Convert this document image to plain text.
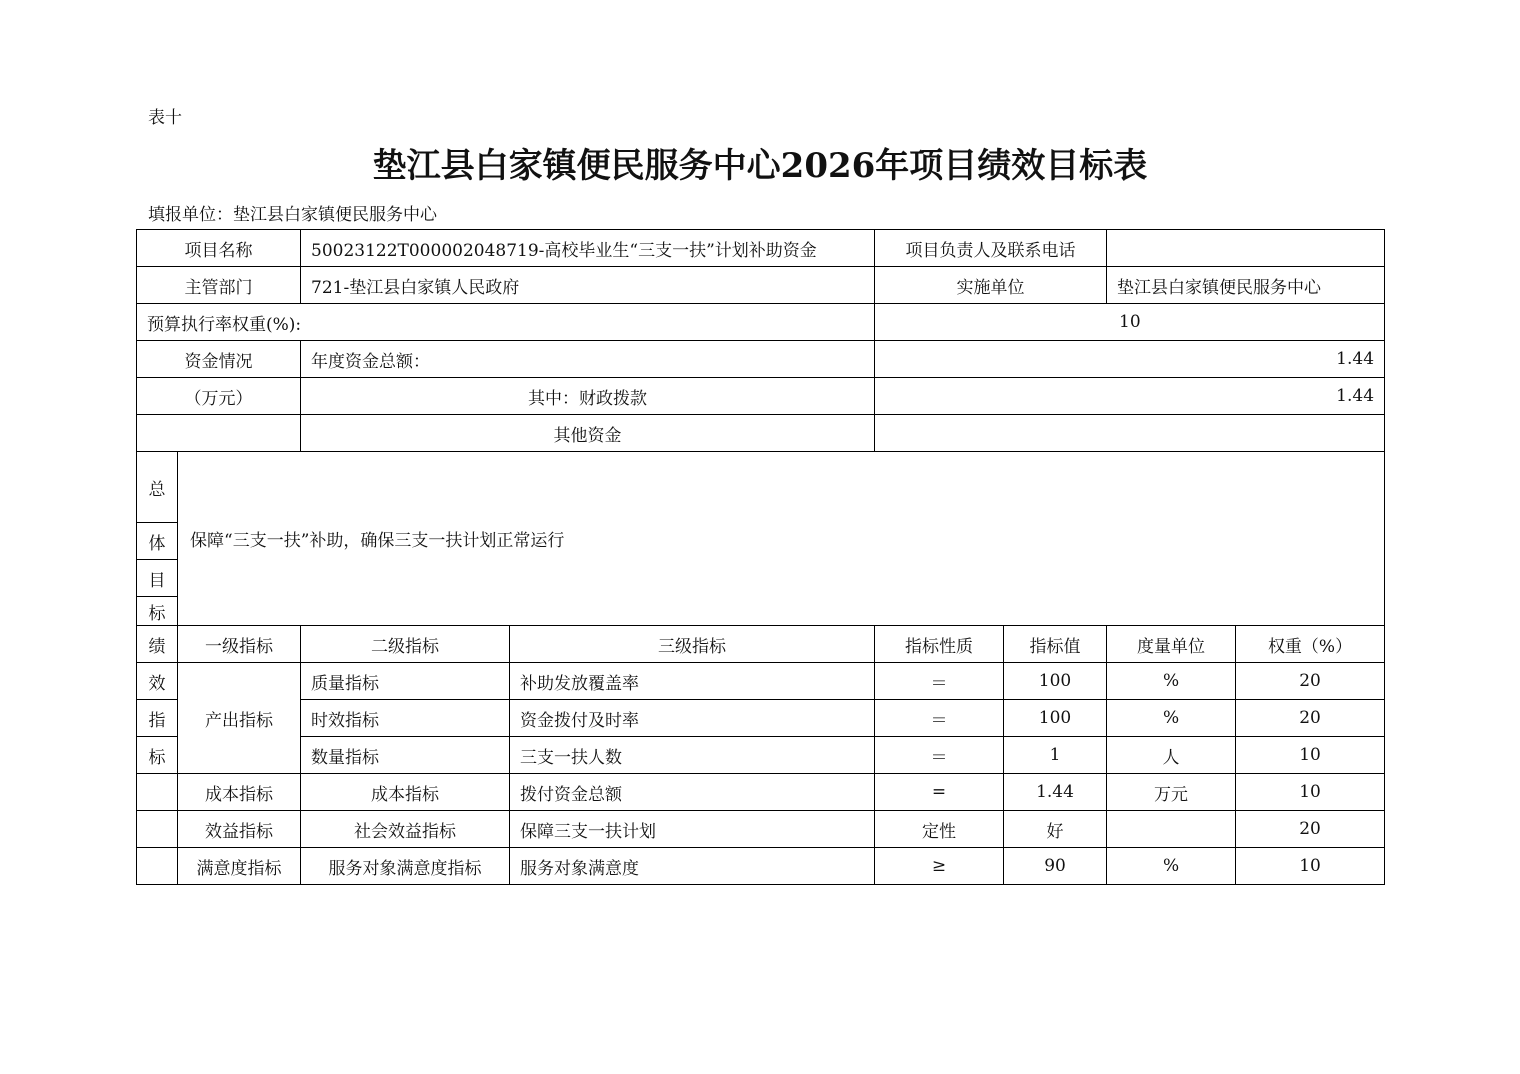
表十
垫江县白家镇便民服务中心2026年项目绩效目标表
填报单位：垫江县白家镇便民服务中心
项目名称		50023122T000002048719-高校毕业生“三支一扶”计划补助资金		项目负责人及联系电话			
主管部门		721-垫江县白家镇人民政府		实施单位		垫江县白家镇便民服务中心	
预算执行率权重(%):				10			
资金情况		年度资金总额：		1.44			
（万元）		其中：财政拨款		1.44			
		其他资金					
总	保障“三支一扶”补助，确保三支一扶计划正常运行						
体							
目							
标							
绩	一级指标	二级指标	三级指标	指标性质	指标值	度量单位	权重（%）
效	产出指标	质量指标	补助发放覆盖率	＝	100	%	20
指		时效指标	资金拨付及时率	＝	100	%	20
标		数量指标	三支一扶人数	＝	1	人	10
	成本指标	成本指标	拨付资金总额	=	1.44	万元	10
	效益指标	社会效益指标	保障三支一扶计划	定性	好		20
	满意度指标	服务对象满意度指标	服务对象满意度	≥	90	%	10
